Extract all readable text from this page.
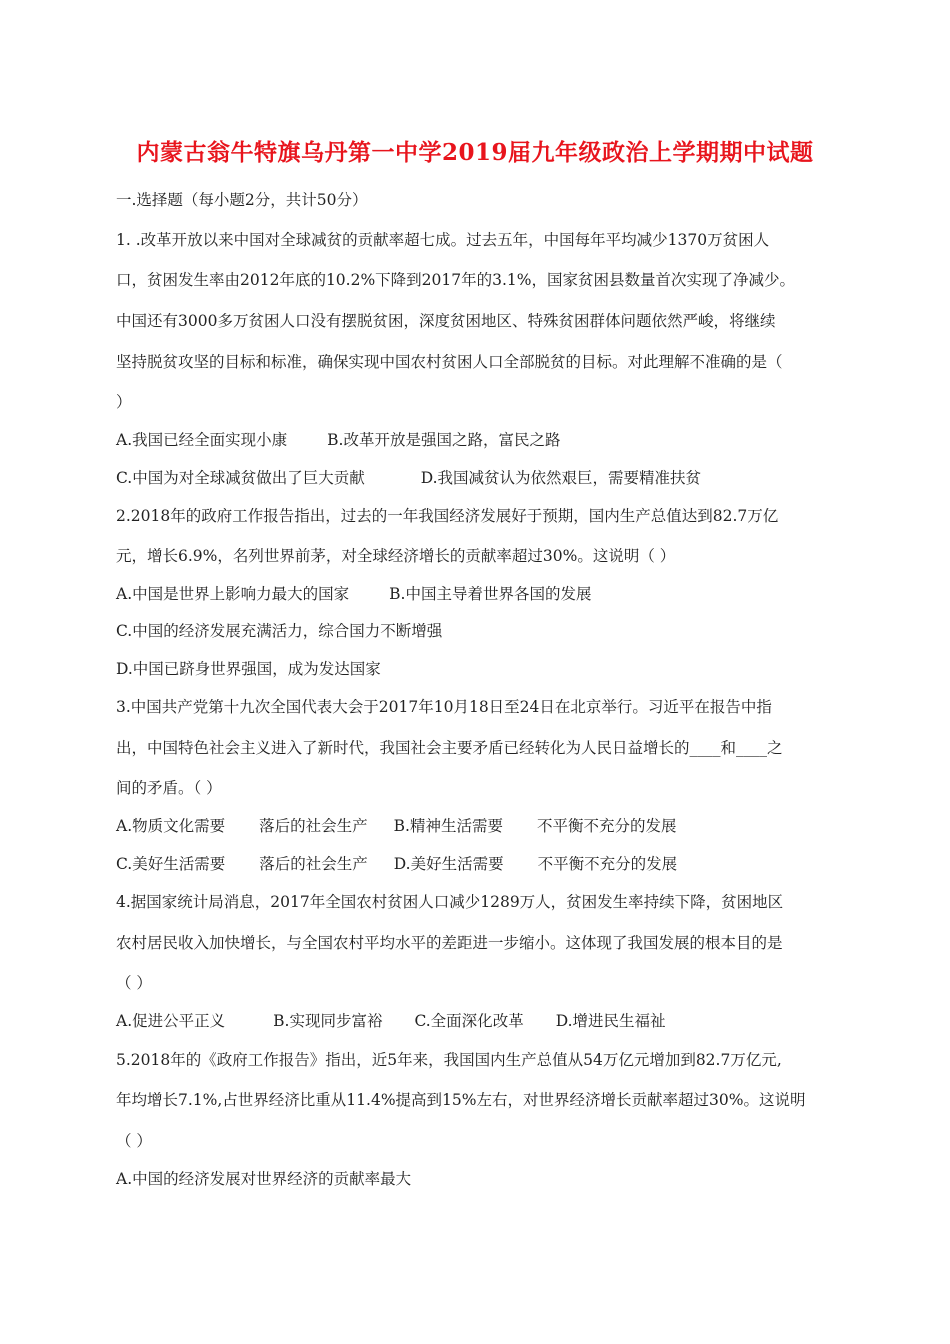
内蒙古翁牛特旗乌丹第一中学2019届九年级政治上学期期中试题
一.选择题（每小题2分，共计50分）
1. .改革开放以来中国对全球减贫的贡献率超七成。过去五年，中国每年平均减少1370万贫困人
口，贫困发生率由2012年底的10.2%下降到2017年的3.1%，国家贫困县数量首次实现了净减少。
中国还有3000多万贫困人口没有摆脱贫困，深度贫困地区、特殊贫困群体问题依然严峻，将继续
坚持脱贫攻坚的目标和标准，确保实现中国农村贫困人口全部脱贫的目标。对此理解不准确的是（
）
A.我国已经全面实现小康	B.改革开放是强国之路，富民之路
C.中国为对全球减贫做出了巨大贡献	D.我国减贫认为依然艰巨，需要精准扶贫
2.2018年的政府工作报告指出，过去的一年我国经济发展好于预期，国内生产总值达到82.7万亿
元，增长6.9%，名列世界前茅，对全球经济增长的贡献率超过30%。这说明（ ）
A.中国是世界上影响力最大的国家	B.中国主导着世界各国的发展
C.中国的经济发展充满活力，综合国力不断增强
D.中国已跻身世界强国，成为发达国家
3.中国共产党第十九次全国代表大会于2017年10月18日至24日在北京举行。习近平在报告中指
出，中国特色社会主义进入了新时代，我国社会主要矛盾已经转化为人民日益增长的____和____之
间的矛盾。（ ）
A.物质文化需要 落后的社会生产 B.精神生活需要 不平衡不充分的发展
C.美好生活需要 落后的社会生产 D.美好生活需要 不平衡不充分的发展
4.据国家统计局消息，2017年全国农村贫困人口减少1289万人，贫困发生率持续下降，贫困地区
农村居民收入加快增长，与全国农村平均水平的差距进一步缩小。这体现了我国发展的根本目的是
（ ）
A.促进公平正义	B.实现同步富裕 C.全面深化改革 D.增进民生福祉
5.2018年的《政府工作报告》指出，近5年来，我国国内生产总值从54万亿元增加到82.7万亿元,
年均增长7.1%,占世界经济比重从11.4%提高到15%左右，对世界经济增长贡献率超过30%。这说明
（ ）
A.中国的经济发展对世界经济的贡献率最大
